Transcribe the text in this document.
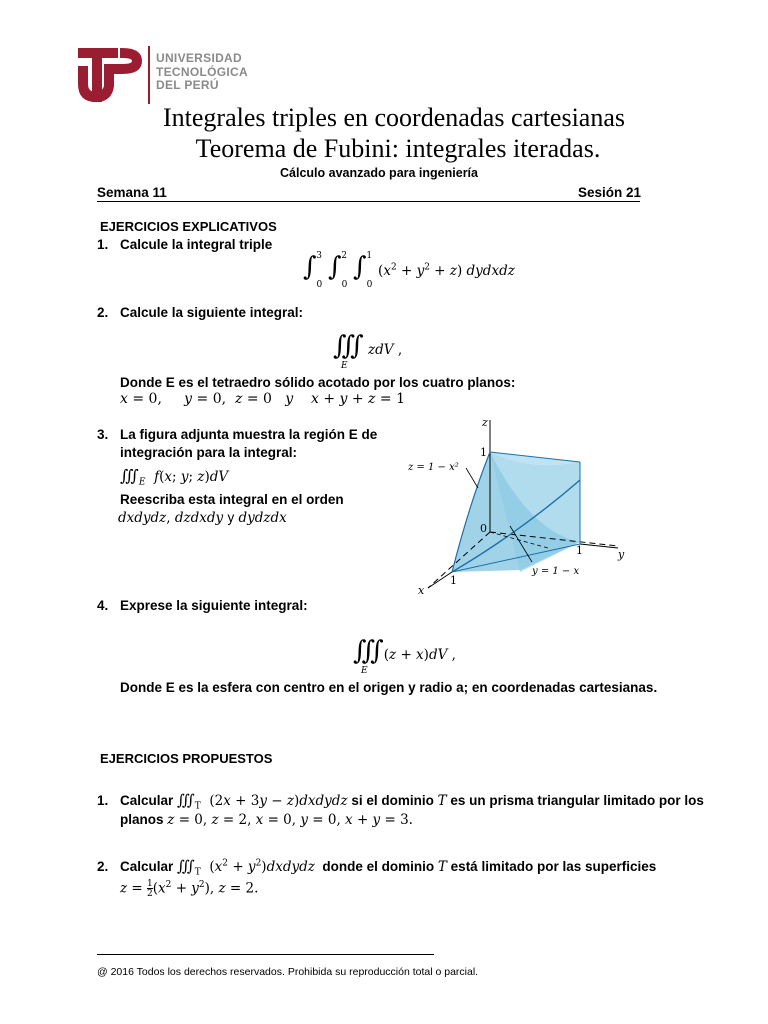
UNIVERSIDAD
TECNOLÓGICA
DEL PERÚ
Integrales triples en coordenadas cartesianas
Teorema de Fubini: integrales iteradas.
Cálculo avanzado para ingeniería
Semana 11	Sesión 21
EJERCICIOS EXPLICATIVOS
1. Calcule la integral triple
$\int_0^3$ $\int_0^2$ $\int_0^1(x^2 + y^2 + z)$ dydxdz
2. Calcule la siguiente integral:
∭ zdV ,
E
Donde E es el tetraedro sólido acotado por los cuatro planos:
x = 0,     y = 0,  z = 0   y    x + y + z = 1
3. La figura adjunta muestra la región E de
integración para la integral:
$∭_E$  f(x; y; z)dV
Reescriba esta integral en el orden
dxdydz, dzdxdy y dydzdx
z
1
0
1	y
1
x
z = 1 − x²
y = 1 − x
4. Exprese la siguiente integral:
∭(z + x)dV ,
E
Donde E es la esfera con centro en el origen y radio a; en coordenadas cartesianas.
EJERCICIOS PROPUESTOS
1. Calcular $∭_T$ (2x + 3y − z)dxdydz si el dominio T es un prisma triangular limitado por los
planos z = 0, z = 2, x = 0, y = 0, x + y = 3.
2. Calcular $∭_T$ ($x^2$ + $y^2)dxdydz$ donde el dominio T está limitado por las superficies
z = 1
$2(x^2 + y^2)$, z = 2.
@ 2016 Todos los derechos reservados. Prohibida su reproducción total o parcial.
